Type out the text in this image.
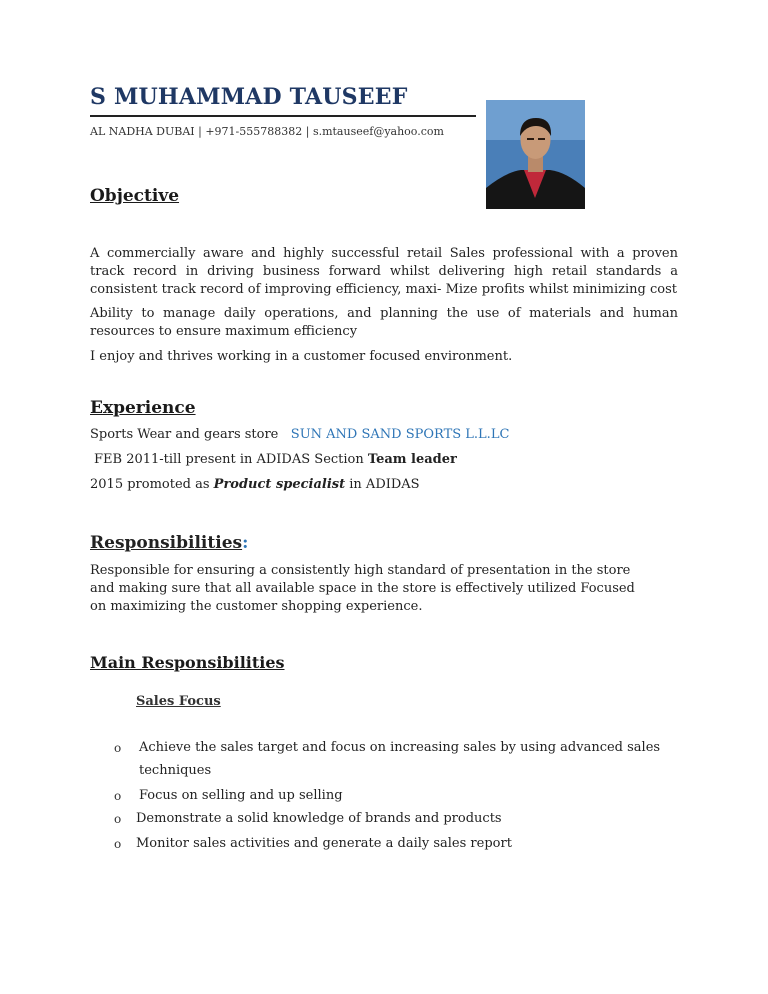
S MUHAMMAD TAUSEEF
AL NADHA DUBAI | +971-555788382 | s.mtauseef@yahoo.com
Objective
A commercially aware and highly successful retail Sales professional with a proven track record in driving business forward whilst delivering high retail standards a consistent track record of improving efficiency, maxi- Mize profits whilst minimizing cost
Ability to manage daily operations, and planning the use of materials and human resources to ensure maximum efficiency
I enjoy and thrives working in a customer focused environment.
Experience
Sports Wear and gears store SUN AND SAND SPORTS L.L.LC
FEB 2011-till present in ADIDAS Section Team leader
2015 promoted as Product specialist in ADIDAS
Responsibilities:
Responsible for ensuring a consistently high standard of presentation in the store and making sure that all available space in the store is effectively utilized Focused on maximizing the customer shopping experience.
Main Responsibilities
Sales Focus
o Achieve the sales target and focus on increasing sales by using advanced sales techniques
o Focus on selling and up selling
o Demonstrate a solid knowledge of brands and products
o Monitor sales activities and generate a daily sales report
